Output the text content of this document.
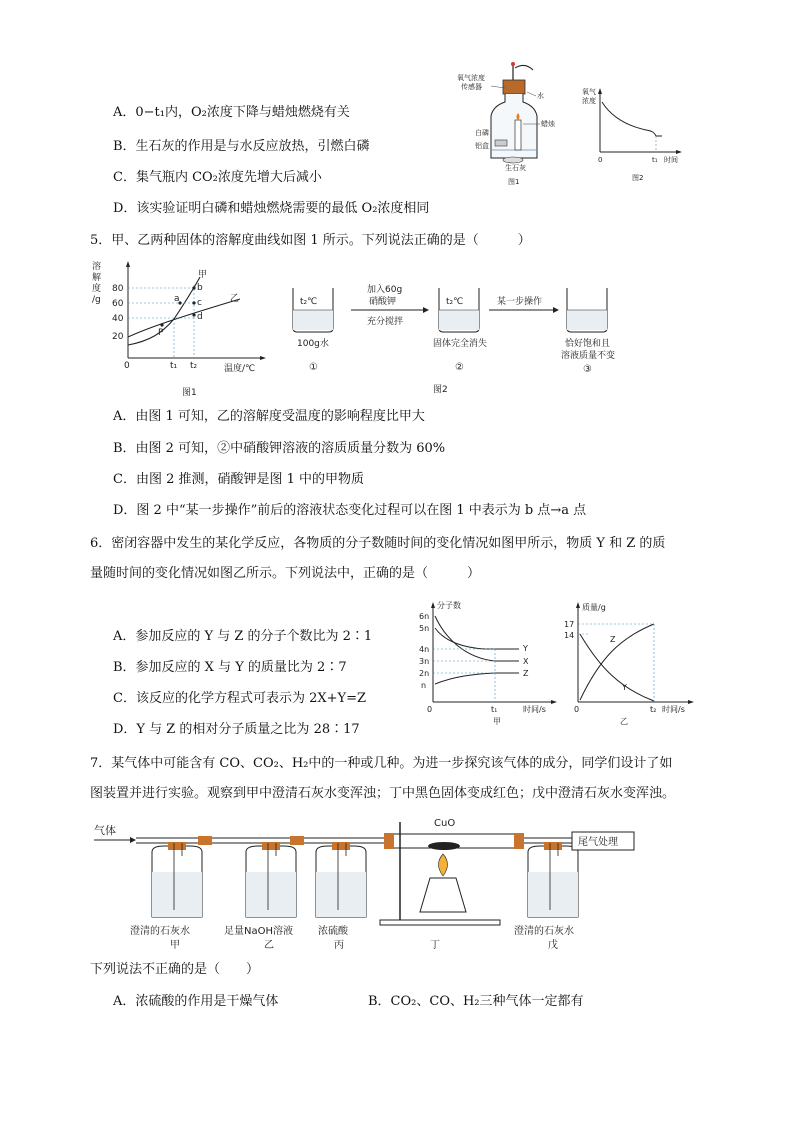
A．0−t₁内，O₂浓度下降与蜡烛燃烧有关
B．生石灰的作用是与水反应放热，引燃白磷
C．集气瓶内 CO₂浓度先增大后减小
D．该实验证明白磷和蜡烛燃烧需要的最低 O₂浓度相同
氧气浓度
传感器
水
白磷
铝盒
蜡烛
生石灰
图1
氧气
浓度
0	t₁ 时间
图2
5．甲、乙两种固体的溶解度曲线如图 1 所示。下列说法正确的是（　　　）
溶
解
度
/g
80
60
40
20
0	t₁ t₂	温度/℃
a
b
c
d
P
甲
乙
图1
t₂℃
100g水
①
加入60g
硝酸钾
充分搅拌
t₂℃
固体完全消失
②
某一步操作
恰好饱和且
溶液质量不变
③
图2
A．由图 1 可知，乙的溶解度受温度的影响程度比甲大
B．由图 2 可知，②中硝酸钾溶液的溶质质量分数为 60%
C．由图 2 推测，硝酸钾是图 1 中的甲物质
D．图 2 中“某一步操作”前后的溶液状态变化过程可以在图 1 中表示为 b 点→a 点
6．密闭容器中发生的某化学反应，各物质的分子数随时间的变化情况如图甲所示，物质 Y 和 Z 的质
量随时间的变化情况如图乙所示。下列说法中，正确的是（　　　）
A．参加反应的 Y 与 Z 的分子个数比为 2∶1
B．参加反应的 X 与 Y 的质量比为 2∶7
C．该反应的化学方程式可表示为 2X+Y=Z
D．Y 与 Z 的相对分子质量之比为 28∶17
分子数
6n
5n
4n
3n
2n
n
0	t₁	时间/s
Y
X
Z
甲
质量/g
17
14
0	t₂ 时间/s
Z
Y
乙
7．某气体中可能含有 CO、CO₂、H₂中的一种或几种。为进一步探究该气体的成分，同学们设计了如
图装置并进行实验。观察到甲中澄清石灰水变浑浊；丁中黑色固体变成红色；戊中澄清石灰水变浑浊。
气体
CuO
尾气处理
澄清的石灰水
甲
足量NaOH溶液
乙
浓硫酸
丙	丁
澄清的石灰水
戊
下列说法不正确的是（　　）
A．浓硫酸的作用是干燥气体	B．CO₂、CO、H₂三种气体一定都有
